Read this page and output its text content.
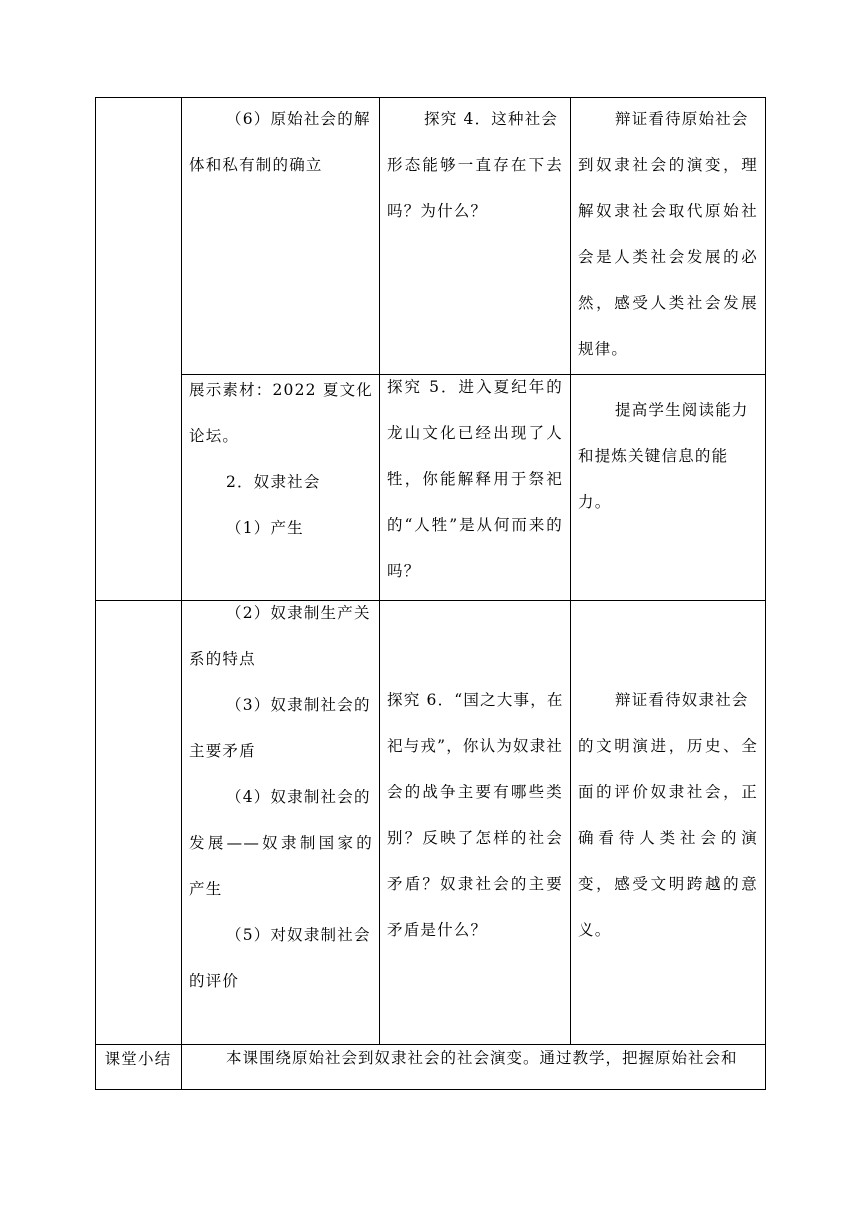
（6）原始社会的解
体和私有制的确立
探究 4．这种社会
形态能够一直存在下去
吗？为什么？
辩证看待原始社会
到奴隶社会的演变，理
解奴隶社会取代原始社
会是人类社会发展的必
然，感受人类社会发展
规律。
展示素材：2022 夏文化
论坛。
2．奴隶社会
（1）产生
探究 5．进入夏纪年的
龙山文化已经出现了人
牲，你能解释用于祭祀
的“人牲”是从何而来的
吗？
提高学生阅读能力
和提炼关键信息的能
力。
（2）奴隶制生产关
系的特点
（3）奴隶制社会的
主要矛盾
（4）奴隶制社会的
发展——奴隶制国家的
产生
（5）对奴隶制社会
的评价
探究 6．“国之大事，在
祀与戎”，你认为奴隶社
会的战争主要有哪些类
别？反映了怎样的社会
矛盾？奴隶社会的主要
矛盾是什么？
辩证看待奴隶社会
的文明演进，历史、全
面的评价奴隶社会，正
确看待人类社会的演
变，感受文明跨越的意
义。
课堂小结	本课围绕原始社会到奴隶社会的社会演变。通过教学，把握原始社会和
